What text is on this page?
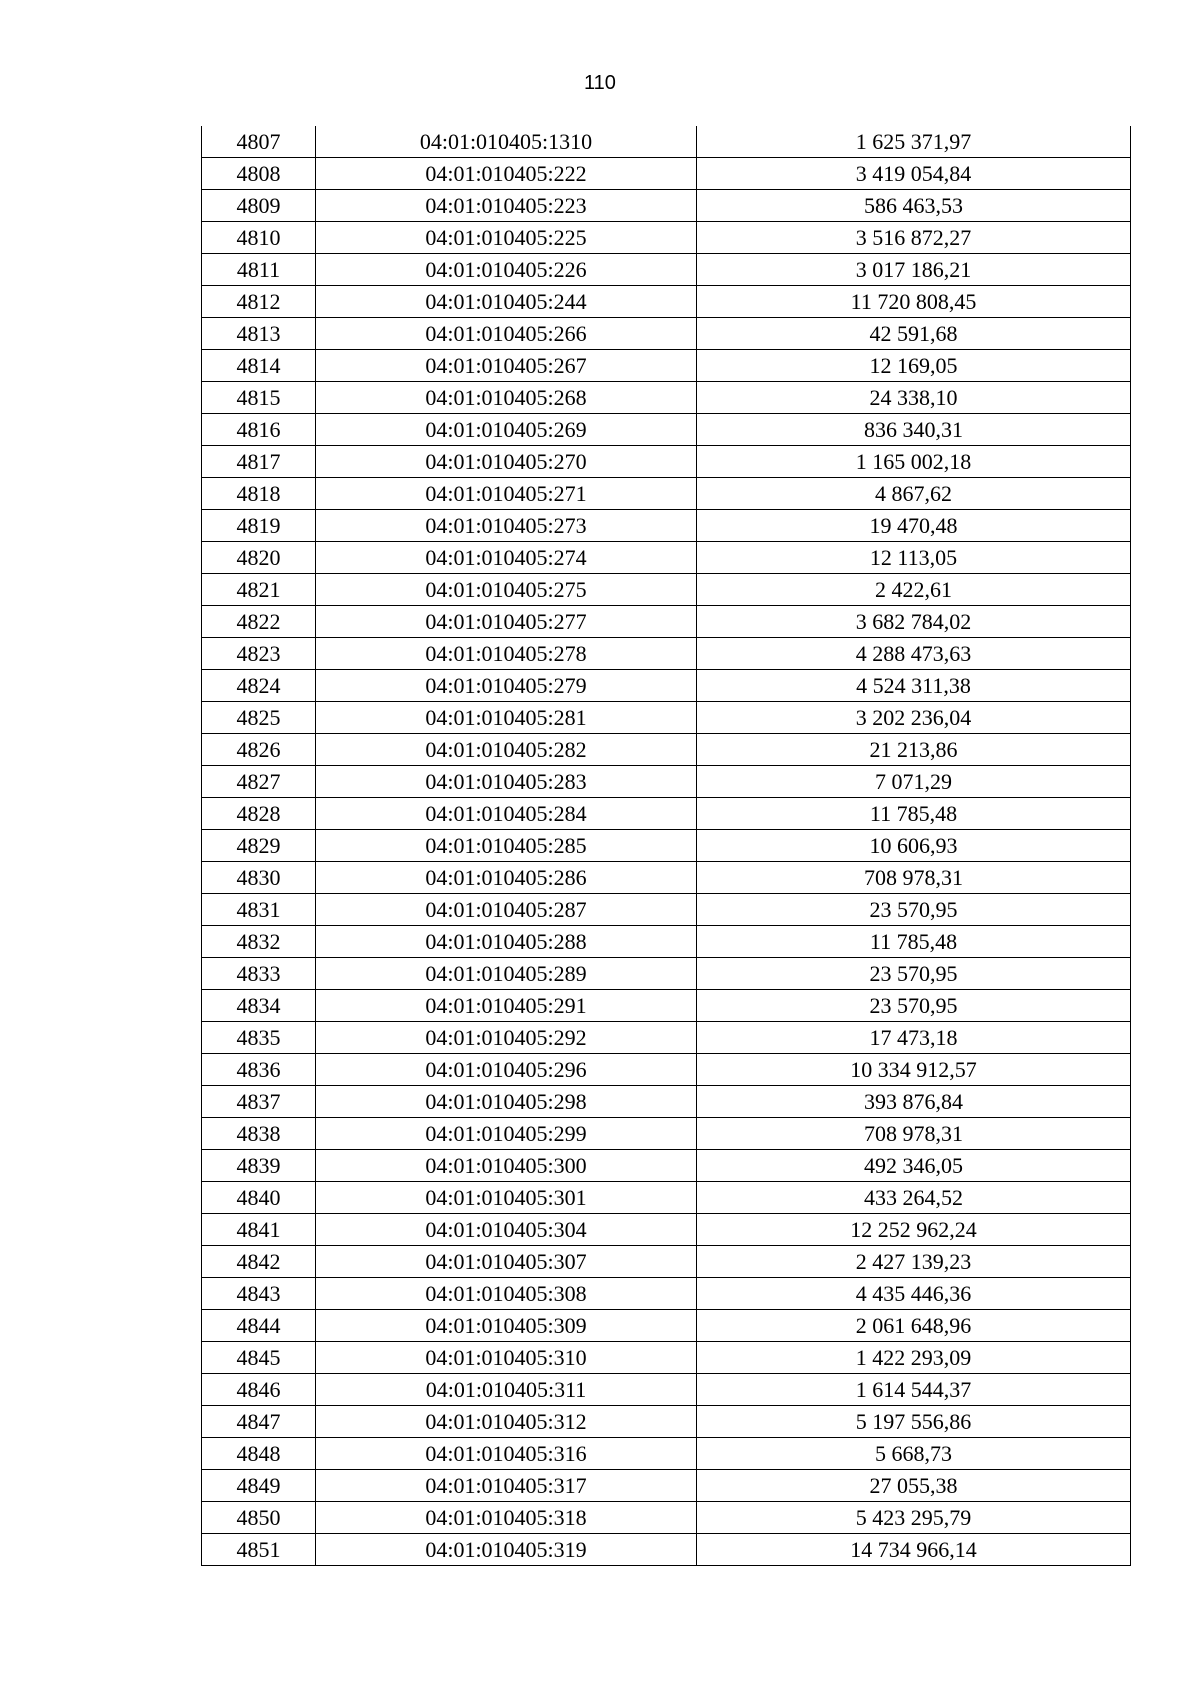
110
4807	04:01:010405:1310	1 625 371,97
4808	04:01:010405:222	3 419 054,84
4809	04:01:010405:223	586 463,53
4810	04:01:010405:225	3 516 872,27
4811	04:01:010405:226	3 017 186,21
4812	04:01:010405:244	11 720 808,45
4813	04:01:010405:266	42 591,68
4814	04:01:010405:267	12 169,05
4815	04:01:010405:268	24 338,10
4816	04:01:010405:269	836 340,31
4817	04:01:010405:270	1 165 002,18
4818	04:01:010405:271	4 867,62
4819	04:01:010405:273	19 470,48
4820	04:01:010405:274	12 113,05
4821	04:01:010405:275	2 422,61
4822	04:01:010405:277	3 682 784,02
4823	04:01:010405:278	4 288 473,63
4824	04:01:010405:279	4 524 311,38
4825	04:01:010405:281	3 202 236,04
4826	04:01:010405:282	21 213,86
4827	04:01:010405:283	7 071,29
4828	04:01:010405:284	11 785,48
4829	04:01:010405:285	10 606,93
4830	04:01:010405:286	708 978,31
4831	04:01:010405:287	23 570,95
4832	04:01:010405:288	11 785,48
4833	04:01:010405:289	23 570,95
4834	04:01:010405:291	23 570,95
4835	04:01:010405:292	17 473,18
4836	04:01:010405:296	10 334 912,57
4837	04:01:010405:298	393 876,84
4838	04:01:010405:299	708 978,31
4839	04:01:010405:300	492 346,05
4840	04:01:010405:301	433 264,52
4841	04:01:010405:304	12 252 962,24
4842	04:01:010405:307	2 427 139,23
4843	04:01:010405:308	4 435 446,36
4844	04:01:010405:309	2 061 648,96
4845	04:01:010405:310	1 422 293,09
4846	04:01:010405:311	1 614 544,37
4847	04:01:010405:312	5 197 556,86
4848	04:01:010405:316	5 668,73
4849	04:01:010405:317	27 055,38
4850	04:01:010405:318	5 423 295,79
4851	04:01:010405:319	14 734 966,14
